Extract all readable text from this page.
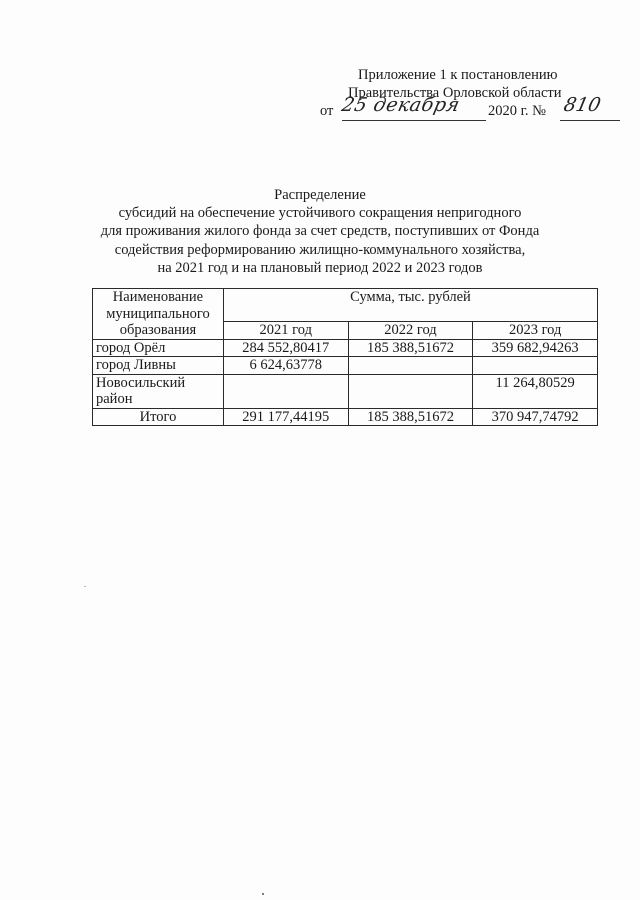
Приложение 1 к постановлению
Правительства Орловской области
от 25 декабря 2020 г. № 810
Распределение
субсидий на обеспечение устойчивого сокращения непригодного
для проживания жилого фонда за счет средств, поступивших от Фонда
содействия реформированию жилищно-коммунального хозяйства,
на 2021 год и на плановый период 2022 и 2023 годов
Наименование муниципального образования	Сумма, тыс. рублей		
	2021 год	2022 год	2023 год
город Орёл	284 552,80417	185 388,51672	359 682,94263
город Ливны	6 624,63778		
Новосильский район			11 264,80529
Итого	291 177,44195	185 388,51672	370 947,74792
